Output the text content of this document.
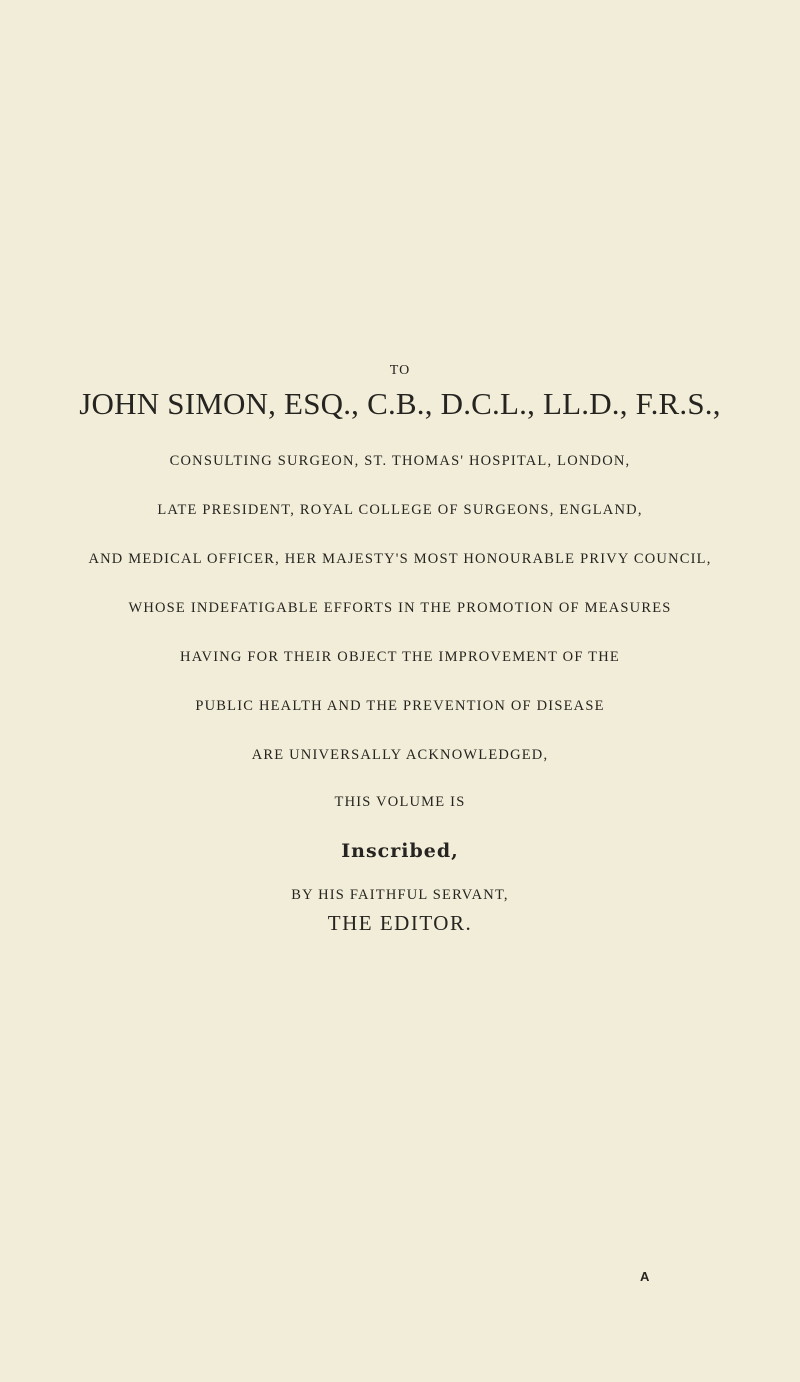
TO
JOHN SIMON, ESQ., C.B., D.C.L., LL.D., F.R.S.,
CONSULTING SURGEON, ST. THOMAS' HOSPITAL, LONDON,
LATE PRESIDENT, ROYAL COLLEGE OF SURGEONS, ENGLAND,
AND MEDICAL OFFICER, HER MAJESTY'S MOST HONOURABLE PRIVY COUNCIL,
WHOSE INDEFATIGABLE EFFORTS IN THE PROMOTION OF MEASURES
HAVING FOR THEIR OBJECT THE IMPROVEMENT OF THE
PUBLIC HEALTH AND THE PREVENTION OF DISEASE
ARE UNIVERSALLY ACKNOWLEDGED,
THIS VOLUME IS
Inscribed,
BY HIS FAITHFUL SERVANT,
THE EDITOR.
A
